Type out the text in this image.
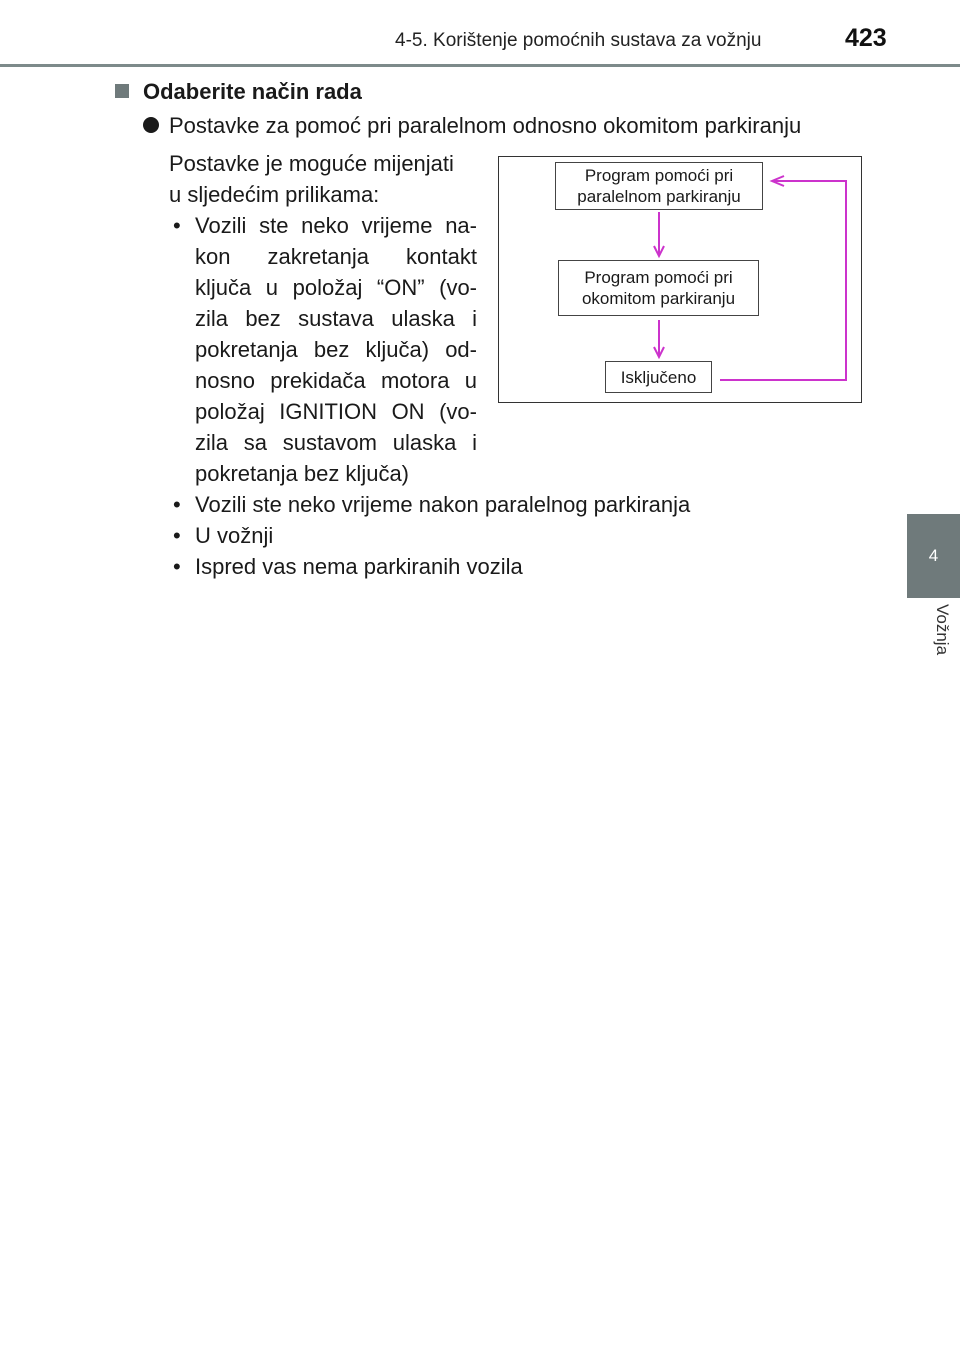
4-5. Korištenje pomoćnih sustava za vožnju	423
4
Vožnja
Odaberite način rada
Postavke za pomoć pri paralelnom odnosno okomitom parkiranju
Postavke je moguće mijenjati
u sljedećim prilikama:
• Vozili ste neko vrijeme na-
kon zakretanja kontakt
ključa u položaj “ON” (vo-
zila bez sustava ulaska i
pokretanja bez ključa) od-
nosno prekidača motora u
položaj IGNITION ON (vo-
zila sa sustavom ulaska i
pokretanja bez ključa)
• Vozili ste neko vrijeme nakon paralelnog parkiranja
• U vožnji
• Ispred vas nema parkiranih vozila
Program pomoći pri
paralelnom parkiranju
Program pomoći pri
okomitom parkiranju
Isključeno
